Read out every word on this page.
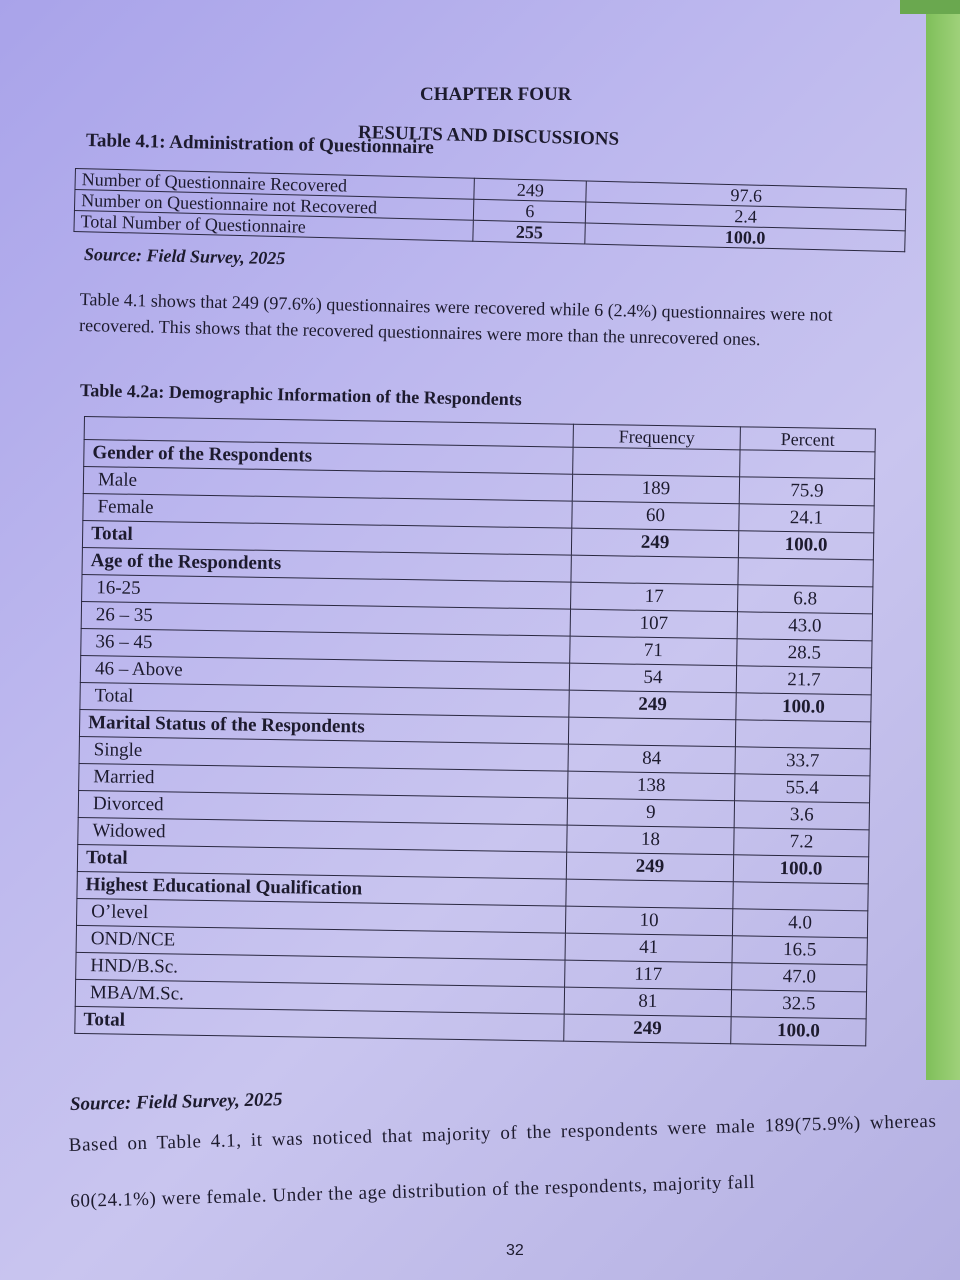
CHAPTER FOUR
RESULTS AND DISCUSSIONS
Table 4.1: Administration of Questionnaire
Number of Questionnaire Recovered	249	97.6
Number on Questionnaire not Recovered	6	2.4
Total Number of Questionnaire	255	100.0
Source: Field Survey, 2025
Table 4.1 shows that 249 (97.6%) questionnaires were recovered while 6 (2.4%) questionnaires were not recovered. This shows that the recovered questionnaires were more than the unrecovered ones.
Table 4.2a: Demographic Information of the Respondents
	Frequency	Percent
Gender of the Respondents		
Male	189	75.9
Female	60	24.1
Total	249	100.0
Age of the Respondents		
16-25	17	6.8
26 – 35	107	43.0
36 – 45	71	28.5
46 – Above	54	21.7
Total	249	100.0
Marital Status of the Respondents		
Single	84	33.7
Married	138	55.4
Divorced	9	3.6
Widowed	18	7.2
Total	249	100.0
Highest Educational Qualification		
O’level	10	4.0
OND/NCE	41	16.5
HND/B.Sc.	117	47.0
MBA/M.Sc.	81	32.5
Total	249	100.0
Source: Field Survey, 2025
Based on Table 4.1, it was noticed that majority of the respondents were male 189(75.9%) whereas 60(24.1%) were female. Under the age distribution of the respondents, majority fall
32
